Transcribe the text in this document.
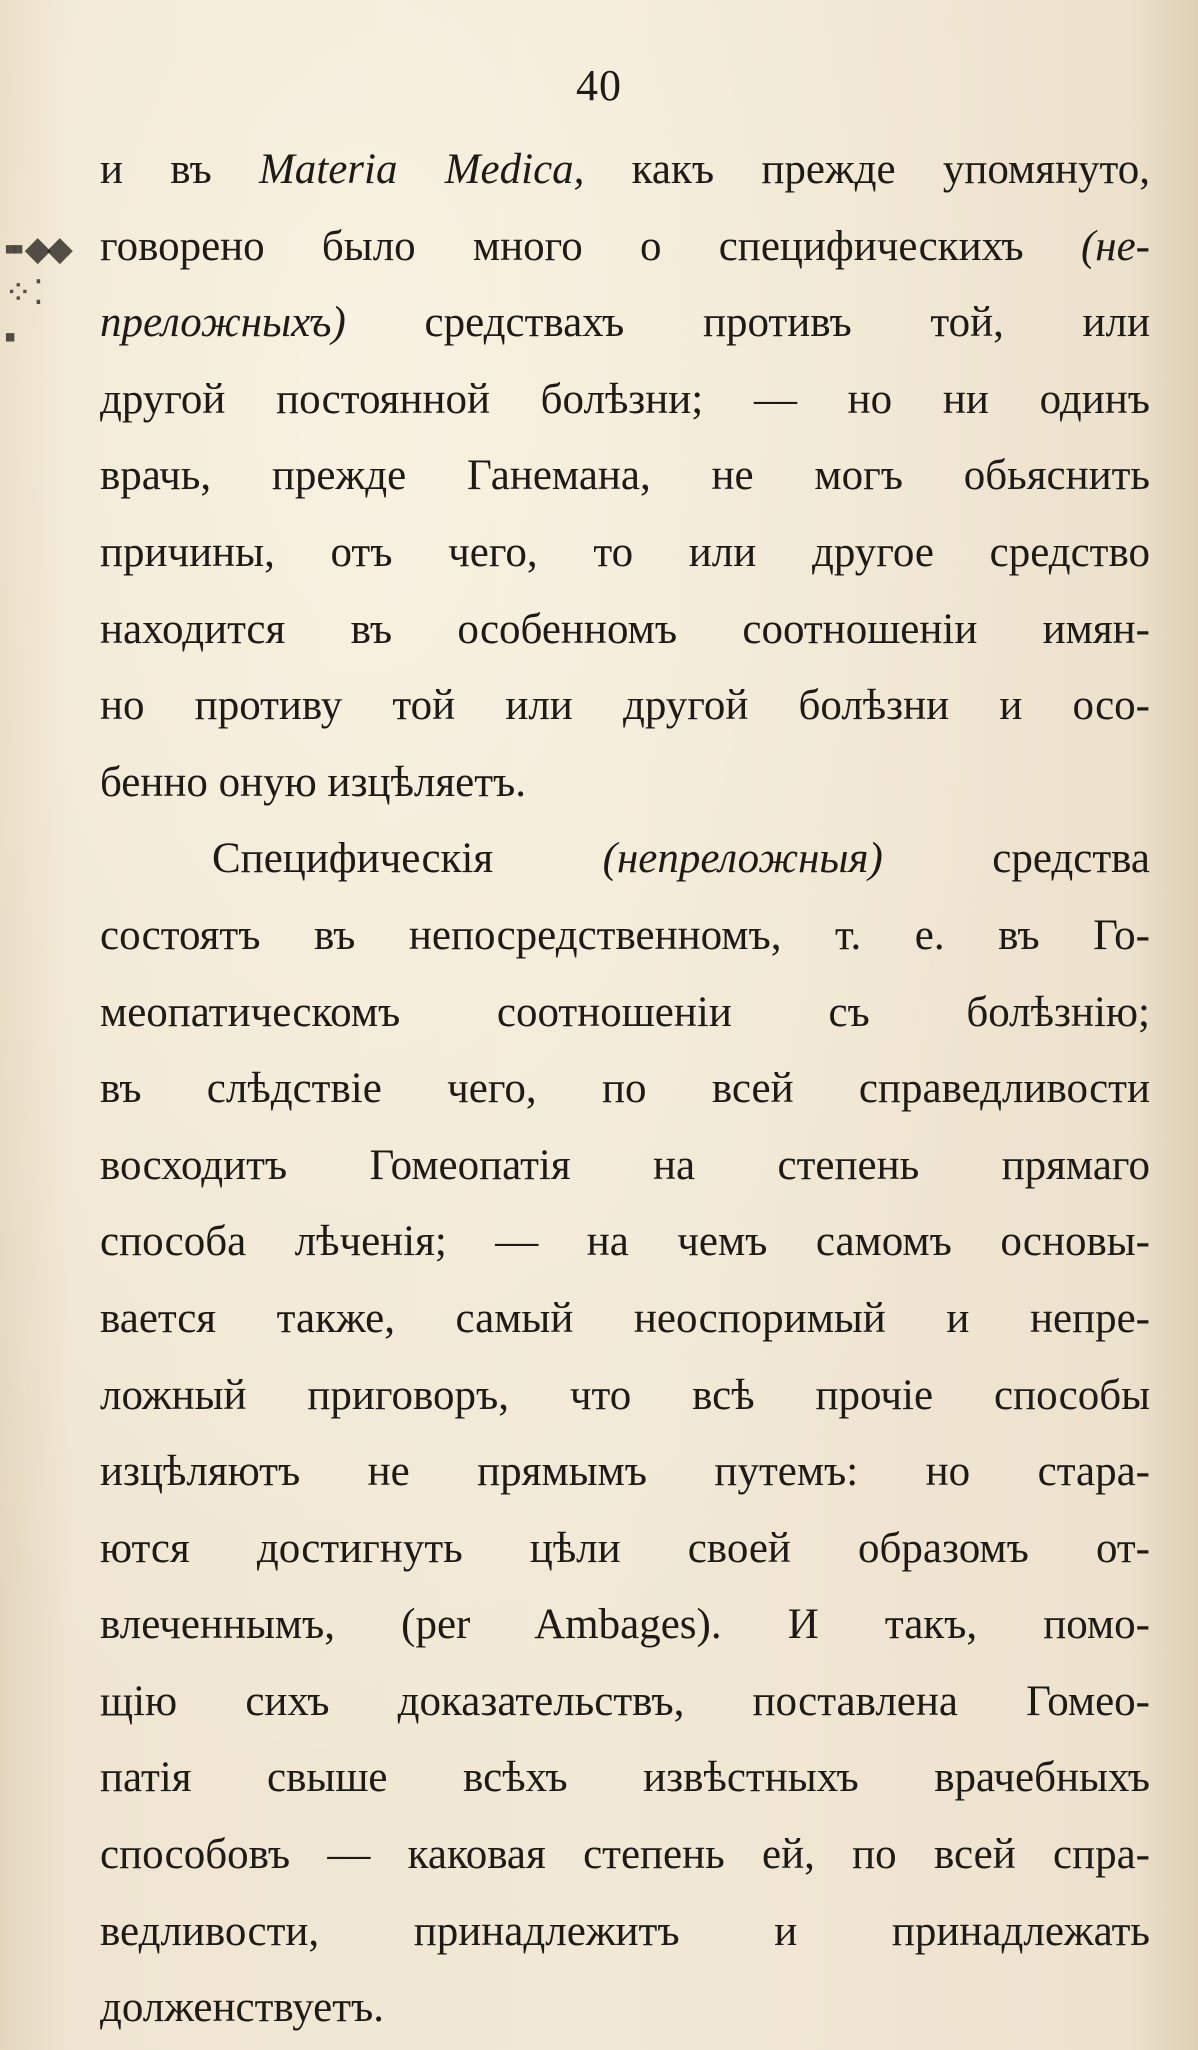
40
▪▪ ◆◆
⁘ ⁚
▪
и въ Materia Medica, какъ прежде упомянуто,
говорено было много о специфическихъ (не-
преложныхъ) средствахъ противъ той, или
другой постоянной болѣзни; — но ни одинъ
врачь, прежде Ганемана, не могъ обьяснить
причины, отъ чего, то или другое средство
находится въ особенномъ соотношенiи имян-
но противу той или другой болѣзни и осо-
бенно оную изцѣляетъ.
Специфическiя (непреложныя) средства
состоятъ въ непосредственномъ, т. е. въ Го-
меопатическомъ соотношенiи съ болѣзнiю;
въ слѣдствiе чего, по всей справедливости
восходитъ Гомеопатiя на степень прямаго
способа лѣченiя; — на чемъ самомъ основы-
вается также, самый неоспоримый и непре-
ложный приговоръ, что всѣ прочiе способы
изцѣляютъ не прямымъ путемъ: но стара-
ются достигнуть цѣли своей образомъ от-
влеченнымъ, (per Ambages). И такъ, помо-
щiю сихъ доказательствъ, поставлена Гомео-
патiя свыше всѣхъ извѣстныхъ врачебныхъ
способовъ — каковая степень ей, по всей спра-
ведливости, принадлежитъ и принадлежать
долженствуетъ.
